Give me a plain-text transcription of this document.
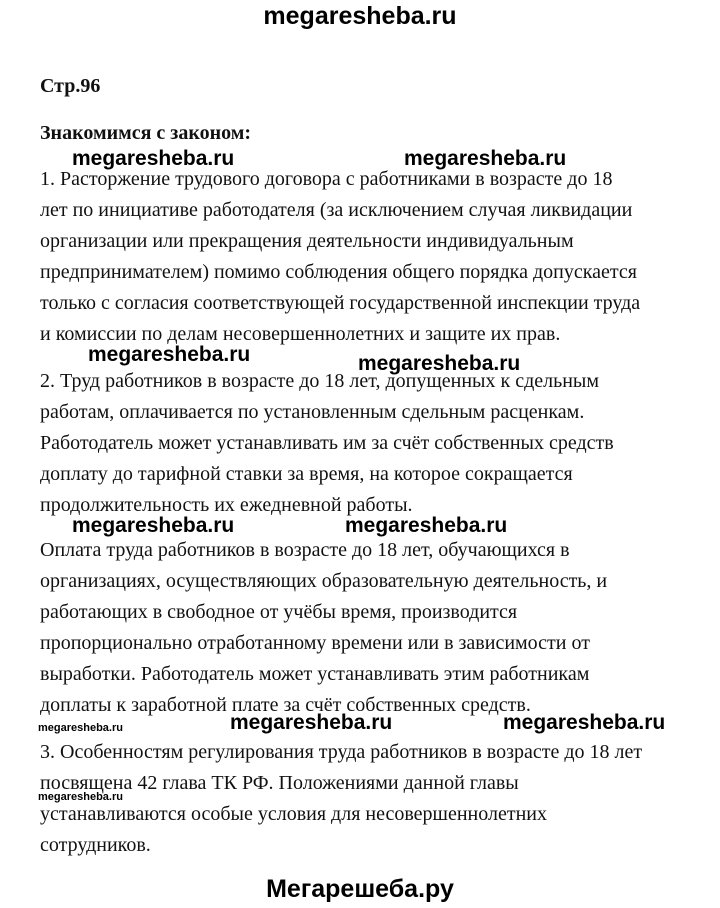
megaresheba.ru
Стр.96
Знакомимся с законом:
1. Расторжение трудового договора с работниками в возрасте до 18
лет по инициативе работодателя (за исключением случая ликвидации
организации или прекращения деятельности индивидуальным
предпринимателем) помимо соблюдения общего порядка допускается
только с согласия соответствующей государственной инспекции труда
и комиссии по делам несовершеннолетних и защите их прав.
2. Труд работников в возрасте до 18 лет, допущенных к сдельным
работам, оплачивается по установленным сдельным расценкам.
Работодатель может устанавливать им за счёт собственных средств
доплату до тарифной ставки за время, на которое сокращается
продолжительность их ежедневной работы.
Оплата труда работников в возрасте до 18 лет, обучающихся в
организациях, осуществляющих образовательную деятельность, и
работающих в свободное от учёбы время, производится
пропорционально отработанному времени или в зависимости от
выработки. Работодатель может устанавливать этим работникам
доплаты к заработной плате за счёт собственных средств.
3. Особенностям регулирования труда работников в возрасте до 18 лет
посвящена 42 глава ТК РФ. Положениями данной главы
устанавливаются особые условия для несовершеннолетних
сотрудников.
megaresheba.ru	megaresheba.ru
megaresheba.ru	megaresheba.ru
megaresheba.ru	megaresheba.ru
megaresheba.ru	megaresheba.ru
megaresheba.ru
megaresheba.ru
Мегарешеба.ру
